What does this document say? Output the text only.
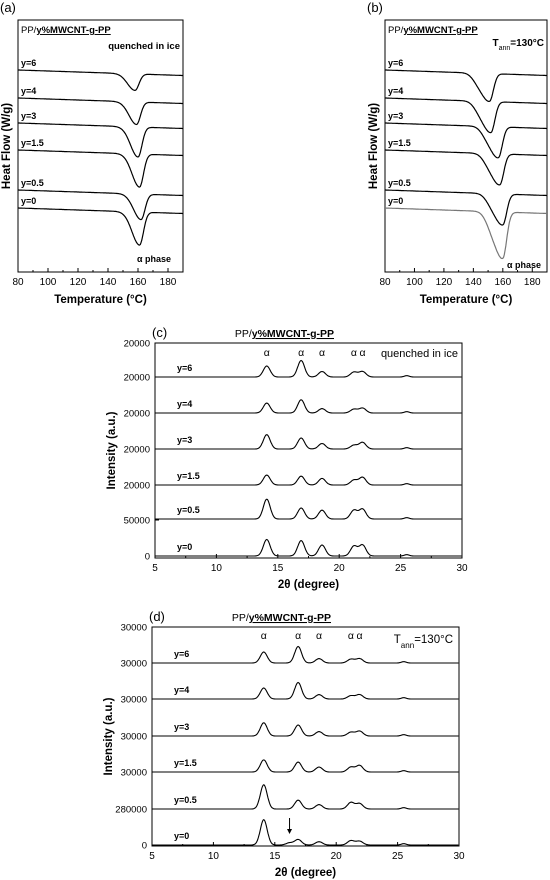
(a)
80 100 120 140 160 180
Temperature (°C)
Heat Flow (W/g)
PP/y%MWCNT-g-PP
quenched in ice
y=6
y=4
y=3
y=1.5
y=0.5
y=0
α phase
(b)
80 100 120 140 160 180
Temperature (°C)
Heat Flow (W/g)
PP/y%MWCNT-g-PP
$T_{ann}=130^\circ C$
y=6
y=4
y=3
y=1.5
y=0.5
y=0
α phase
(c)
5	10	15	20	25	30
2θ (degree)
Intensity (a.u.)
20000
20000
20000
20000
20000
50000
0
PP/y%MWCNT-g-PP
quenched in ice
y=6
y=4
y=3
y=1.5
y=0.5
y=0
α	α α α α
(d)
5	10	15	20	25	30
2θ (degree)
Intensity (a.u.)
30000
30000
30000
30000
30000
280000
0
PP/y%MWCNT-g-PP
$T_{ann}=130^\circ C$
y=6
y=4
y=3
y=1.5
y=0.5
y=0
α	α α α α
